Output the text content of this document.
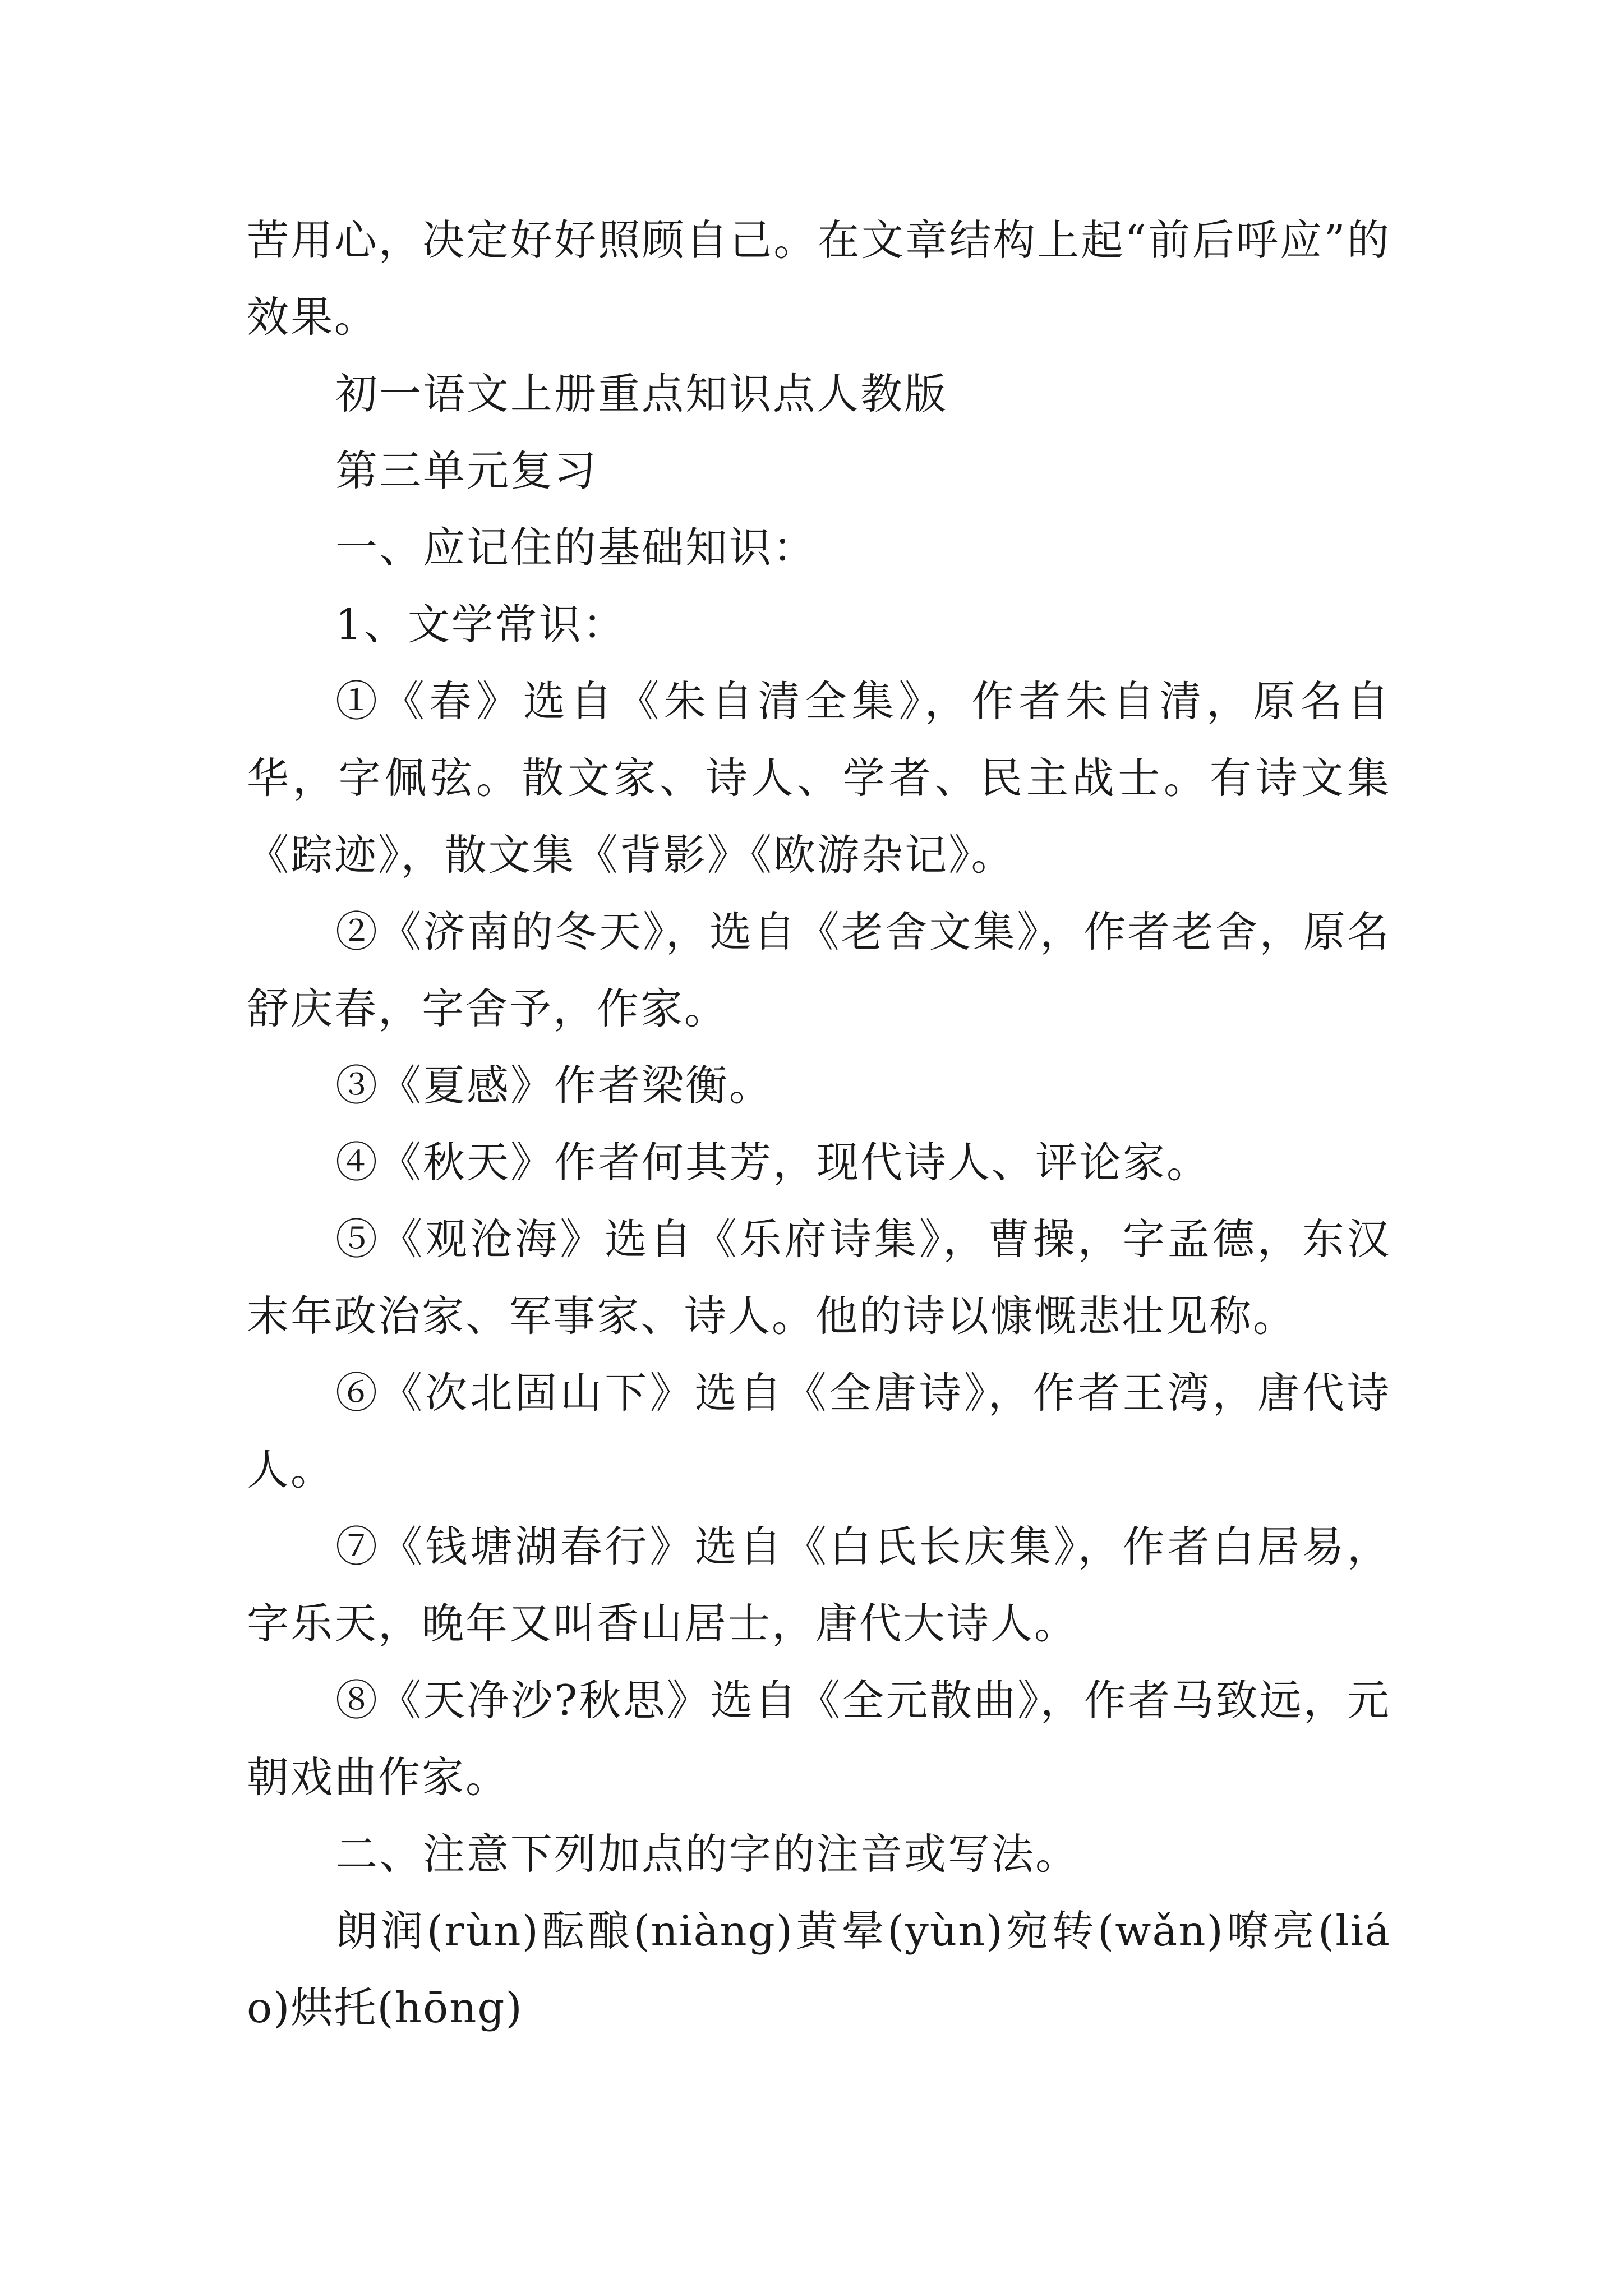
苦用心，决定好好照顾自己。在文章结构上起“前后呼应”的效果。

初一语文上册重点知识点人教版

第三单元复习

一、应记住的基础知识：

1、文学常识：

①《春》选自《朱自清全集》，作者朱自清，原名自华，字佩弦。散文家、诗人、学者、民主战士。有诗文集《踪迹》，散文集《背影》《欧游杂记》。

②《济南的冬天》，选自《老舍文集》，作者老舍，原名舒庆春，字舍予，作家。

③《夏感》作者梁衡。

④《秋天》作者何其芳，现代诗人、评论家。

⑤《观沧海》选自《乐府诗集》，曹操，字孟德，东汉末年政治家、军事家、诗人。他的诗以慷慨悲壮见称。

⑥《次北固山下》选自《全唐诗》，作者王湾，唐代诗人。

⑦《钱塘湖春行》选自《白氏长庆集》，作者白居易，字乐天，晚年又叫香山居士，唐代大诗人。

⑧《天净沙?秋思》选自《全元散曲》，作者马致远，元朝戏曲作家。

二、注意下列加点的字的注音或写法。

朗润(rùn)酝酿(niàng)黄晕(yùn)宛转(wǎn)嘹亮(liáo)烘托(hōng)
